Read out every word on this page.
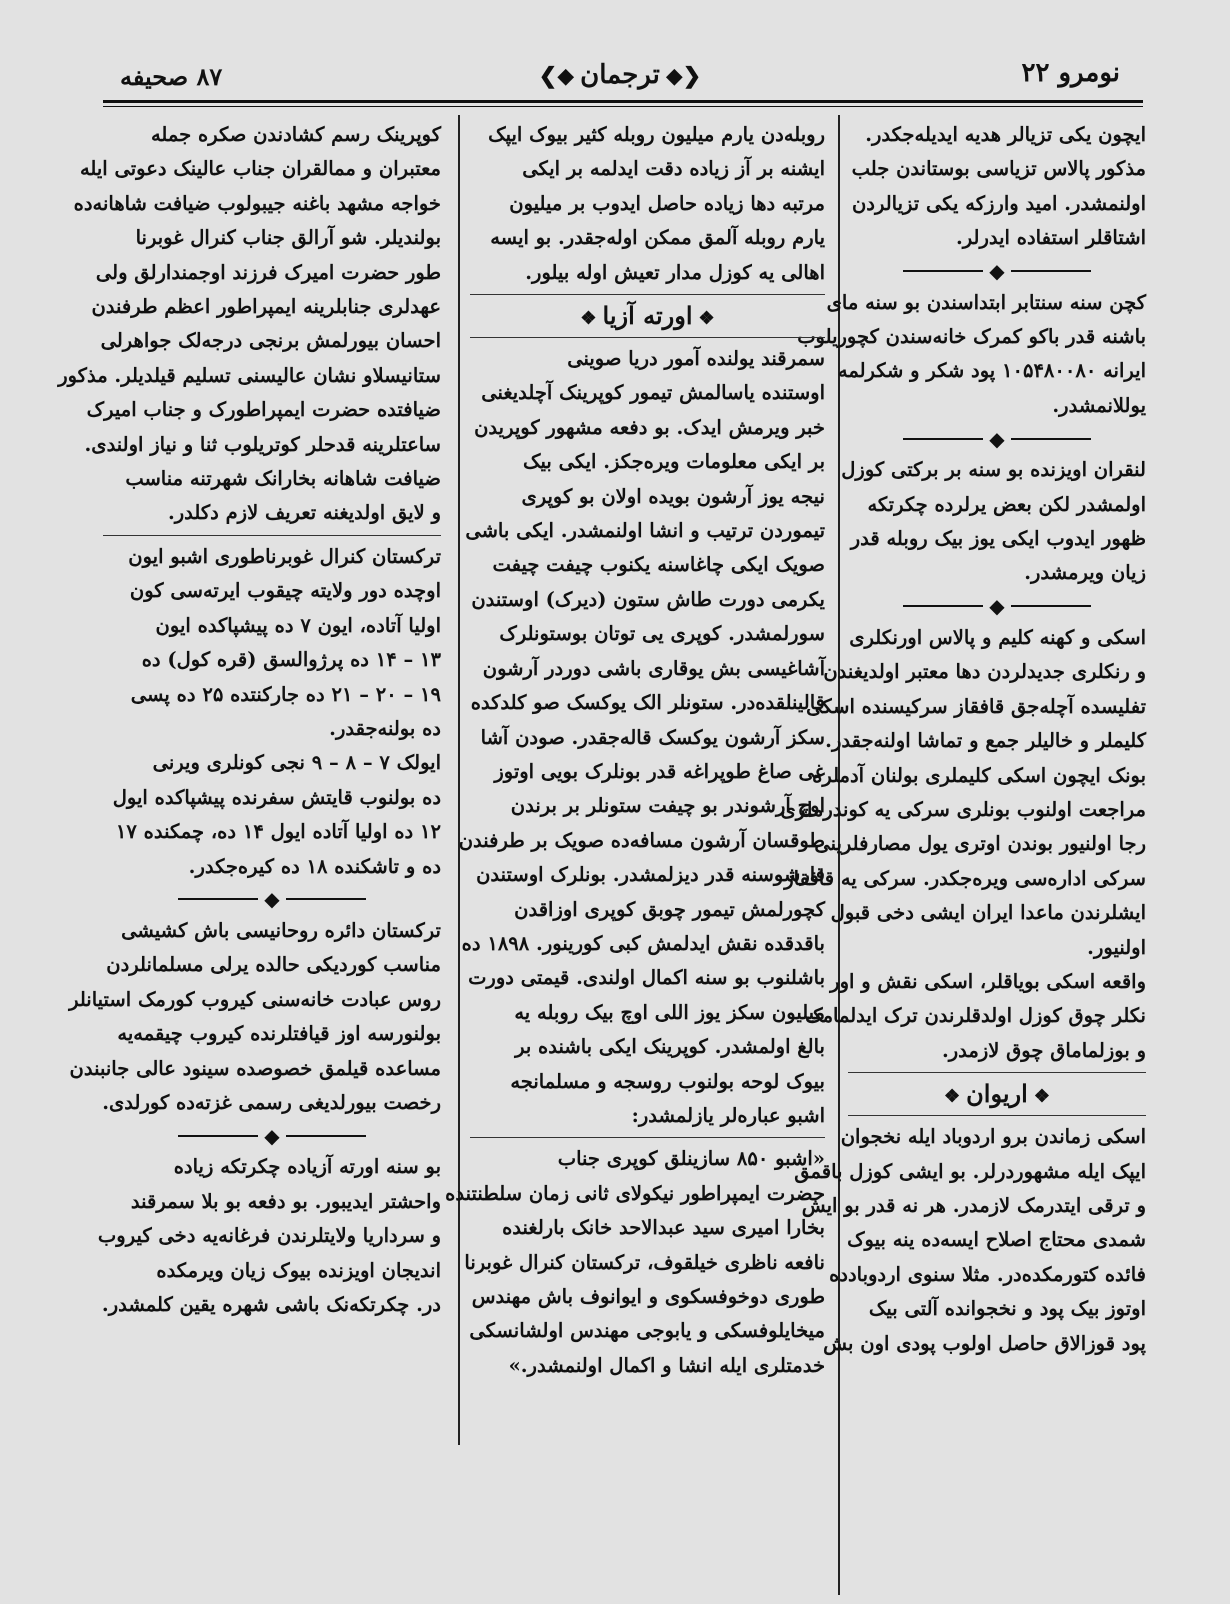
۸۷ صحیفه	❮◆ترجمان◆❯	نومرو ۲۲
ایچون یکی تزیالر هدیه ایدیله‌جکدر.
مذکور پالاس تزیاسی بوستاندن جلب
اولنمشدر. امید وارزکه یکی تزیالردن
اشتاقلر استفاده ایدرلر.
◆
کچن سنه سنتابر ابتداسندن بو سنه مای
باشنه قدر باکو کمرک خانه‌سندن کچوریلوب
ایرانه ۱۰۵۴۸۰۰۸۰ پود شکر و شکرلمه
یوللانمشدر.
◆
لنقران اویزنده بو سنه بر برکتی کوزل
اولمشدر لکن بعض یرلرده چکرتکه
ظهور ایدوب ایکی یوز بیک روبله قدر
زیان ویرمشدر.
◆
اسکی و کهنه کلیم و پالاس اورنکلری
و رنکلری جدیدلردن دها معتبر اولدیغندن
تفلیسده آچله‌جق قافقاز سرکیسنده اسکی
کلیملر و خالیلر جمع و تماشا اولنه‌جقدر.
بونک ایچون اسکی کلیملری بولنان آدملره
مراجعت اولنوب بونلری سرکی یه کوندرملری
رجا اولنیور بوندن اوتری یول مصارفلرینی
سرکی اداره‌سی ویره‌جکدر. سرکی یه قافقاز
ایشلرندن ماعدا ایران ایشی دخی قبول
اولنیور.
واقعه اسکی بویاقلر، اسکی نقش و اور
نکلر چوق کوزل اولدقلرندن ترک ایدلمامک
و بوزلماماق چوق لازمدر.
❖اریوان❖
اسکی زماندن برو اردوباد ایله نخجوان
ایپک ایله مشهوردرلر. بو ایشی کوزل باقمق
و ترقی ایتدرمک لازمدر. هر نه قدر بو ایش
شمدی محتاج اصلاح ایسه‌ده ینه بیوک
فائده کتورمکده‌در. مثلا سنوی اردوباد‌ده
اوتوز بیک پود و نخجوانده آلتی بیک
پود قوزالاق حاصل اولوب پودی اون بش
روبله‌دن یارم میلیون روبله کثیر بیوک ایپک
ایشنه بر آز زیاده دقت ایدلمه بر ایکی
مرتبه دها زیاده حاصل ایدوب بر میلیون
یارم روبله آلمق ممکن اوله‌جقدر. بو ایسه
اهالی یه کوزل مدار تعیش اوله بیلور.
❖اورته آزیا❖
سمرقند یولنده آمور دریا صوینی
اوستنده یاسالمش تیمور کوپرینک آچلدیغنی
خبر ویرمش ایدک. بو دفعه مشهور کوپریدن
بر ایکی معلومات ویره‌جکز. ایکی بیک
نیجه یوز آرشون بویده اولان بو کوپری
تیموردن ترتیب و انشا اولنمشدر. ایکی باشی
صویک ایکی چاغاسنه یکنوب چیفت چیفت
یکرمی دورت طاش ستون (دیرک) اوستندن
سورلمشدر. کوپری یی توتان بوستونلرک
آشاغیسی بش یوقاری باشی دوردر آرشون
قالینلقده‌در. ستونلر الک یوکسک صو کلدکده
سکز آرشون یوکسک قاله‌جقدر. صودن آشا
غی صاغ طوپراغه قدر بونلرک بویی اوتوز
اوچ آرشوندر بو چیفت ستونلر بر برندن
طوقسان آرشون مسافه‌ده صویک بر طرفندن
قارشوسنه قدر دیزلمشدر. بونلرک اوستندن
کچورلمش تیمور چوبق کوپری اوزاقدن
باقدقده نقش ایدلمش کبی کورینور. ۱۸۹۸ ده
باشلنوب بو سنه اکمال اولندی. قیمتی دورت
میلیون سکز یوز اللی اوچ بیک روبله یه
بالغ اولمشدر. کوپرینک ایکی باشنده بر
بیوک لوحه بولنوب روسجه و مسلمانجه
اشبو عباره‌لر یازلمشدر:
«اشبو ۸۵۰ سازینلق کوپری جناب
حضرت ایمپراطور نیکولای ثانی زمان سلطنتنده
بخارا امیری سید عبدالاحد خانک بارلغنده
نافعه ناظری خیلقوف، ترکستان کنرال غوبرنا
طوری دوخوفسکوی و ایوانوف باش مهندس
میخایلوفسکی و یابوجی مهندس اولشانسکی
خدمتلری ایله انشا و اکمال اولنمشدر.»
کوپرینک رسم کشادندن صکره جمله
معتبران و ممالقران جناب عالینک دعوتی ایله
خواجه مشهد باغنه جیبولوب ضیافت شاهانه‌ده
بولندیلر. شو آرالق جناب کنرال غوبرنا
طور حضرت امیرک فرزند اوجمندارلق ولی
عهدلری جنابلرینه ایمپراطور اعظم طرفندن
احسان بیورلمش برنجی درجه‌لک جواهرلی
ستانیسلاو نشان عالیسنی تسلیم قیلدیلر. مذکور
ضیافتده حضرت ایمپراطورک و جناب امیرک
ساعتلرینه قدحلر کوتریلوب ثنا و نیاز اولندی.
ضیافت شاهانه بخارانک شهرتنه مناسب
و لایق اولدیغنه تعریف لازم دکلدر.
ترکستان کنرال غوبرناطوری اشبو ایون
اوچده دور ولایته چیقوب ایرته‌سی کون
اولیا آتاده، ایون ۷ ده پیشپاکده ایون
۱۳ – ۱۴ ده پرژوالسق (قره کول) ده
۱۹ – ۲۰ – ۲۱ ده جارکنتده ۲۵ ده پسی
ده بولنه‌جقدر.
ایولک ۷ – ۸ – ۹ نجی کونلری ویرنی
ده بولنوب قایتش سفرنده پیشپاکده ایول
۱۲ ده اولیا آتاده ایول ۱۴ ده، چمکنده ۱۷
ده و تاشکنده ۱۸ ده کیره‌جکدر.
◆
ترکستان دائره روحانیسی باش کشیشی
مناسب کوردیکی حالده یرلی مسلمانلردن
روس عبادت خانه‌سنی کیروب کورمک استیانلر
بولنورسه اوز قیافتلرنده کیروب چیقمه‌یه
مساعده قیلمق خصوصده سینود عالی جانبندن
رخصت بیورلدیغی رسمی غزته‌ده کورلدی.
◆
بو سنه اورته آزیاده چکرتکه زیاده
واحشتر ایدیبور. بو دفعه بو بلا سمرقند
و سرداریا ولایتلرندن فرغانه‌یه دخی کیروب
اندیجان اویزنده بیوک زیان ویرمکده
در. چکرتکه‌نک باشی شهره یقین کلمشدر.
